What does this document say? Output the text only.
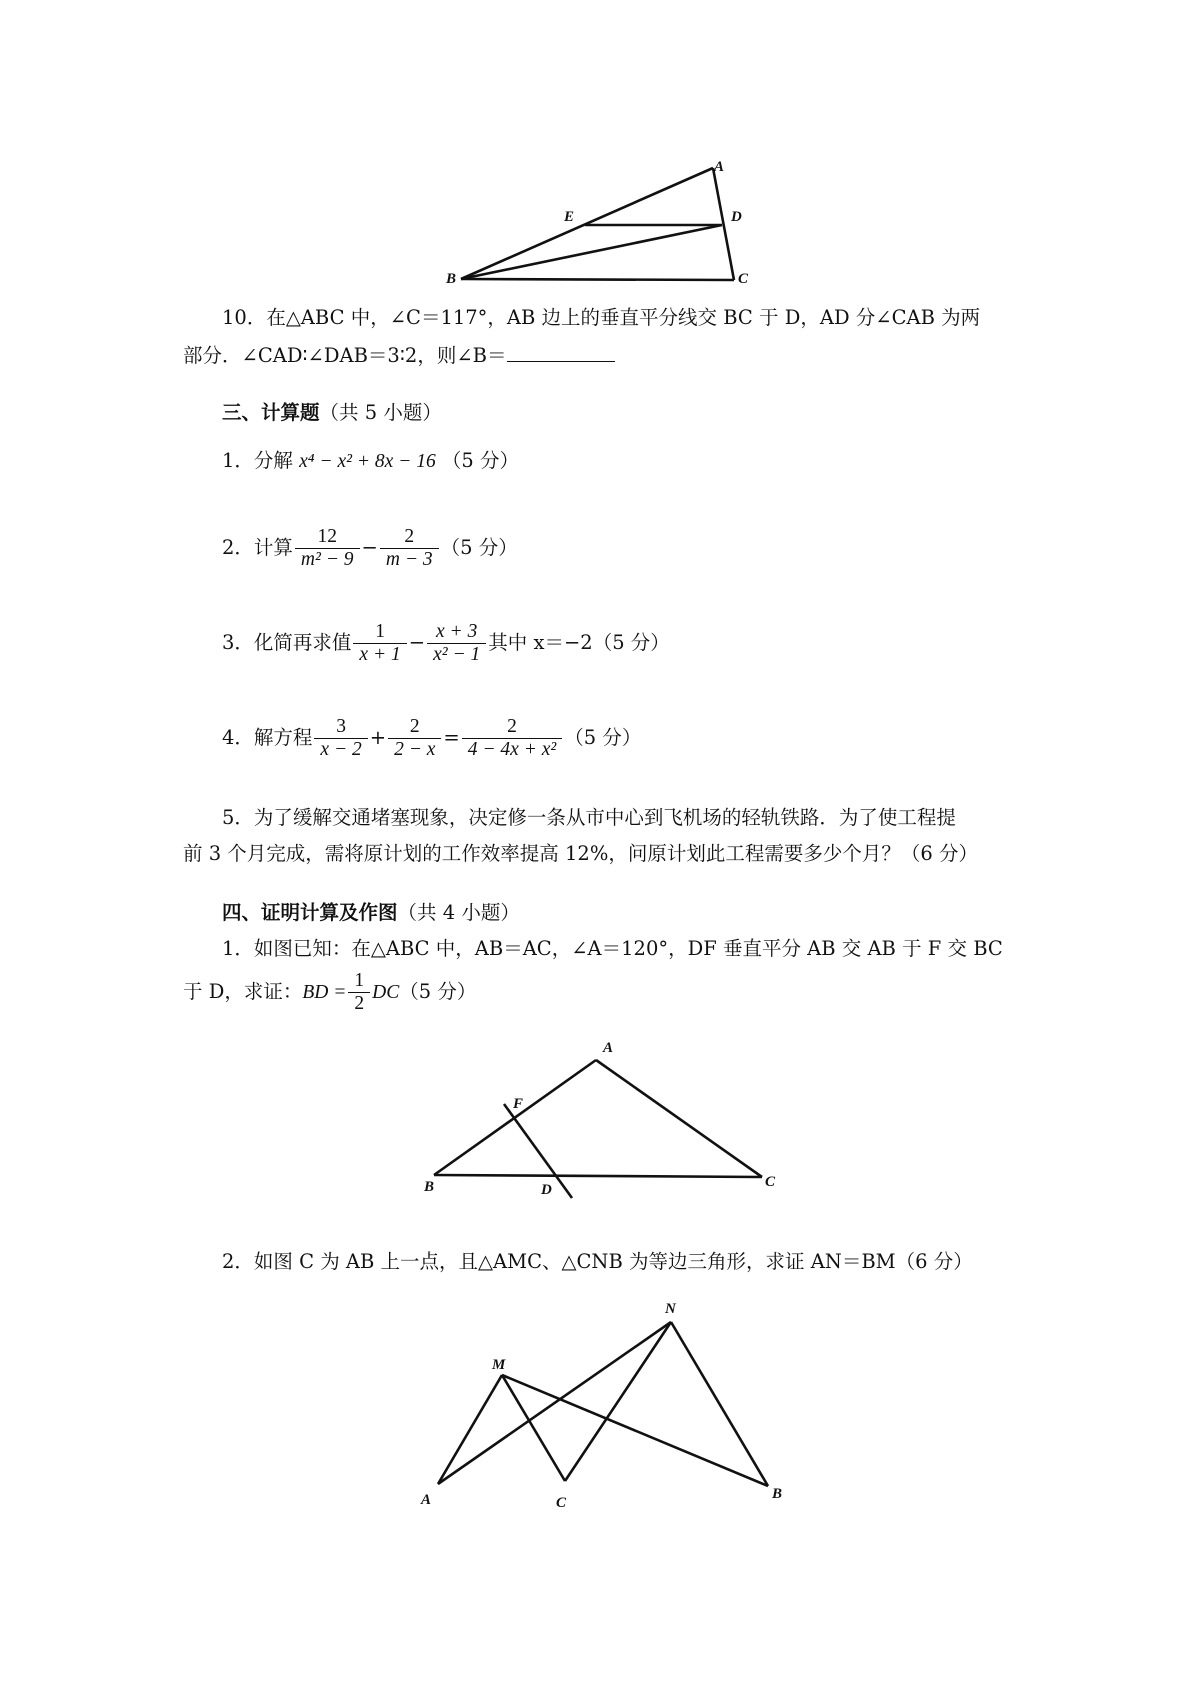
A
E	D
B	C
10．在△ABC 中，∠C＝117°，AB 边上的垂直平分线交 BC 于 D，AD 分∠CAB 为两
部分．∠CAD∶∠DAB＝3∶2，则∠B＝
三、计算题（共 5 小题）
1．分解 x⁴ − x² + 8x − 16 （5 分）
2．计算 $\frac{12}{\text{m² − 9}} - \frac{2}{m - 3} (5$ 分）
3．化简再求值 $\frac{1}{x + 1} - \frac{x + 3}{\text{x² − 1}}$ 其中 x＝−2（5 分）
4．解方程 $\frac{3}{x - 2} + \frac{2}{2 - x} = \frac{2}{\text{4 − 4x + x²}} (5$ 分）
5．为了缓解交通堵塞现象，决定修一条从市中心到飞机场的轻轨铁路．为了使工程提
前 3 个月完成，需将原计划的工作效率提高 12%，问原计划此工程需要多少个月？（6 分）
四、证明计算及作图（共 4 小题）
1．如图已知：在△ABC 中，AB＝AC，∠A＝120°，DF 垂直平分 AB 交 AB 于 F 交 BC
于 D，求证：BD = $\frac{1}{2} DC(5$ 分）
A
F
B	D	C
2．如图 C 为 AB 上一点，且△AMC、△CNB 为等边三角形，求证 AN＝BM（6 分）
N
M
A	C
B
